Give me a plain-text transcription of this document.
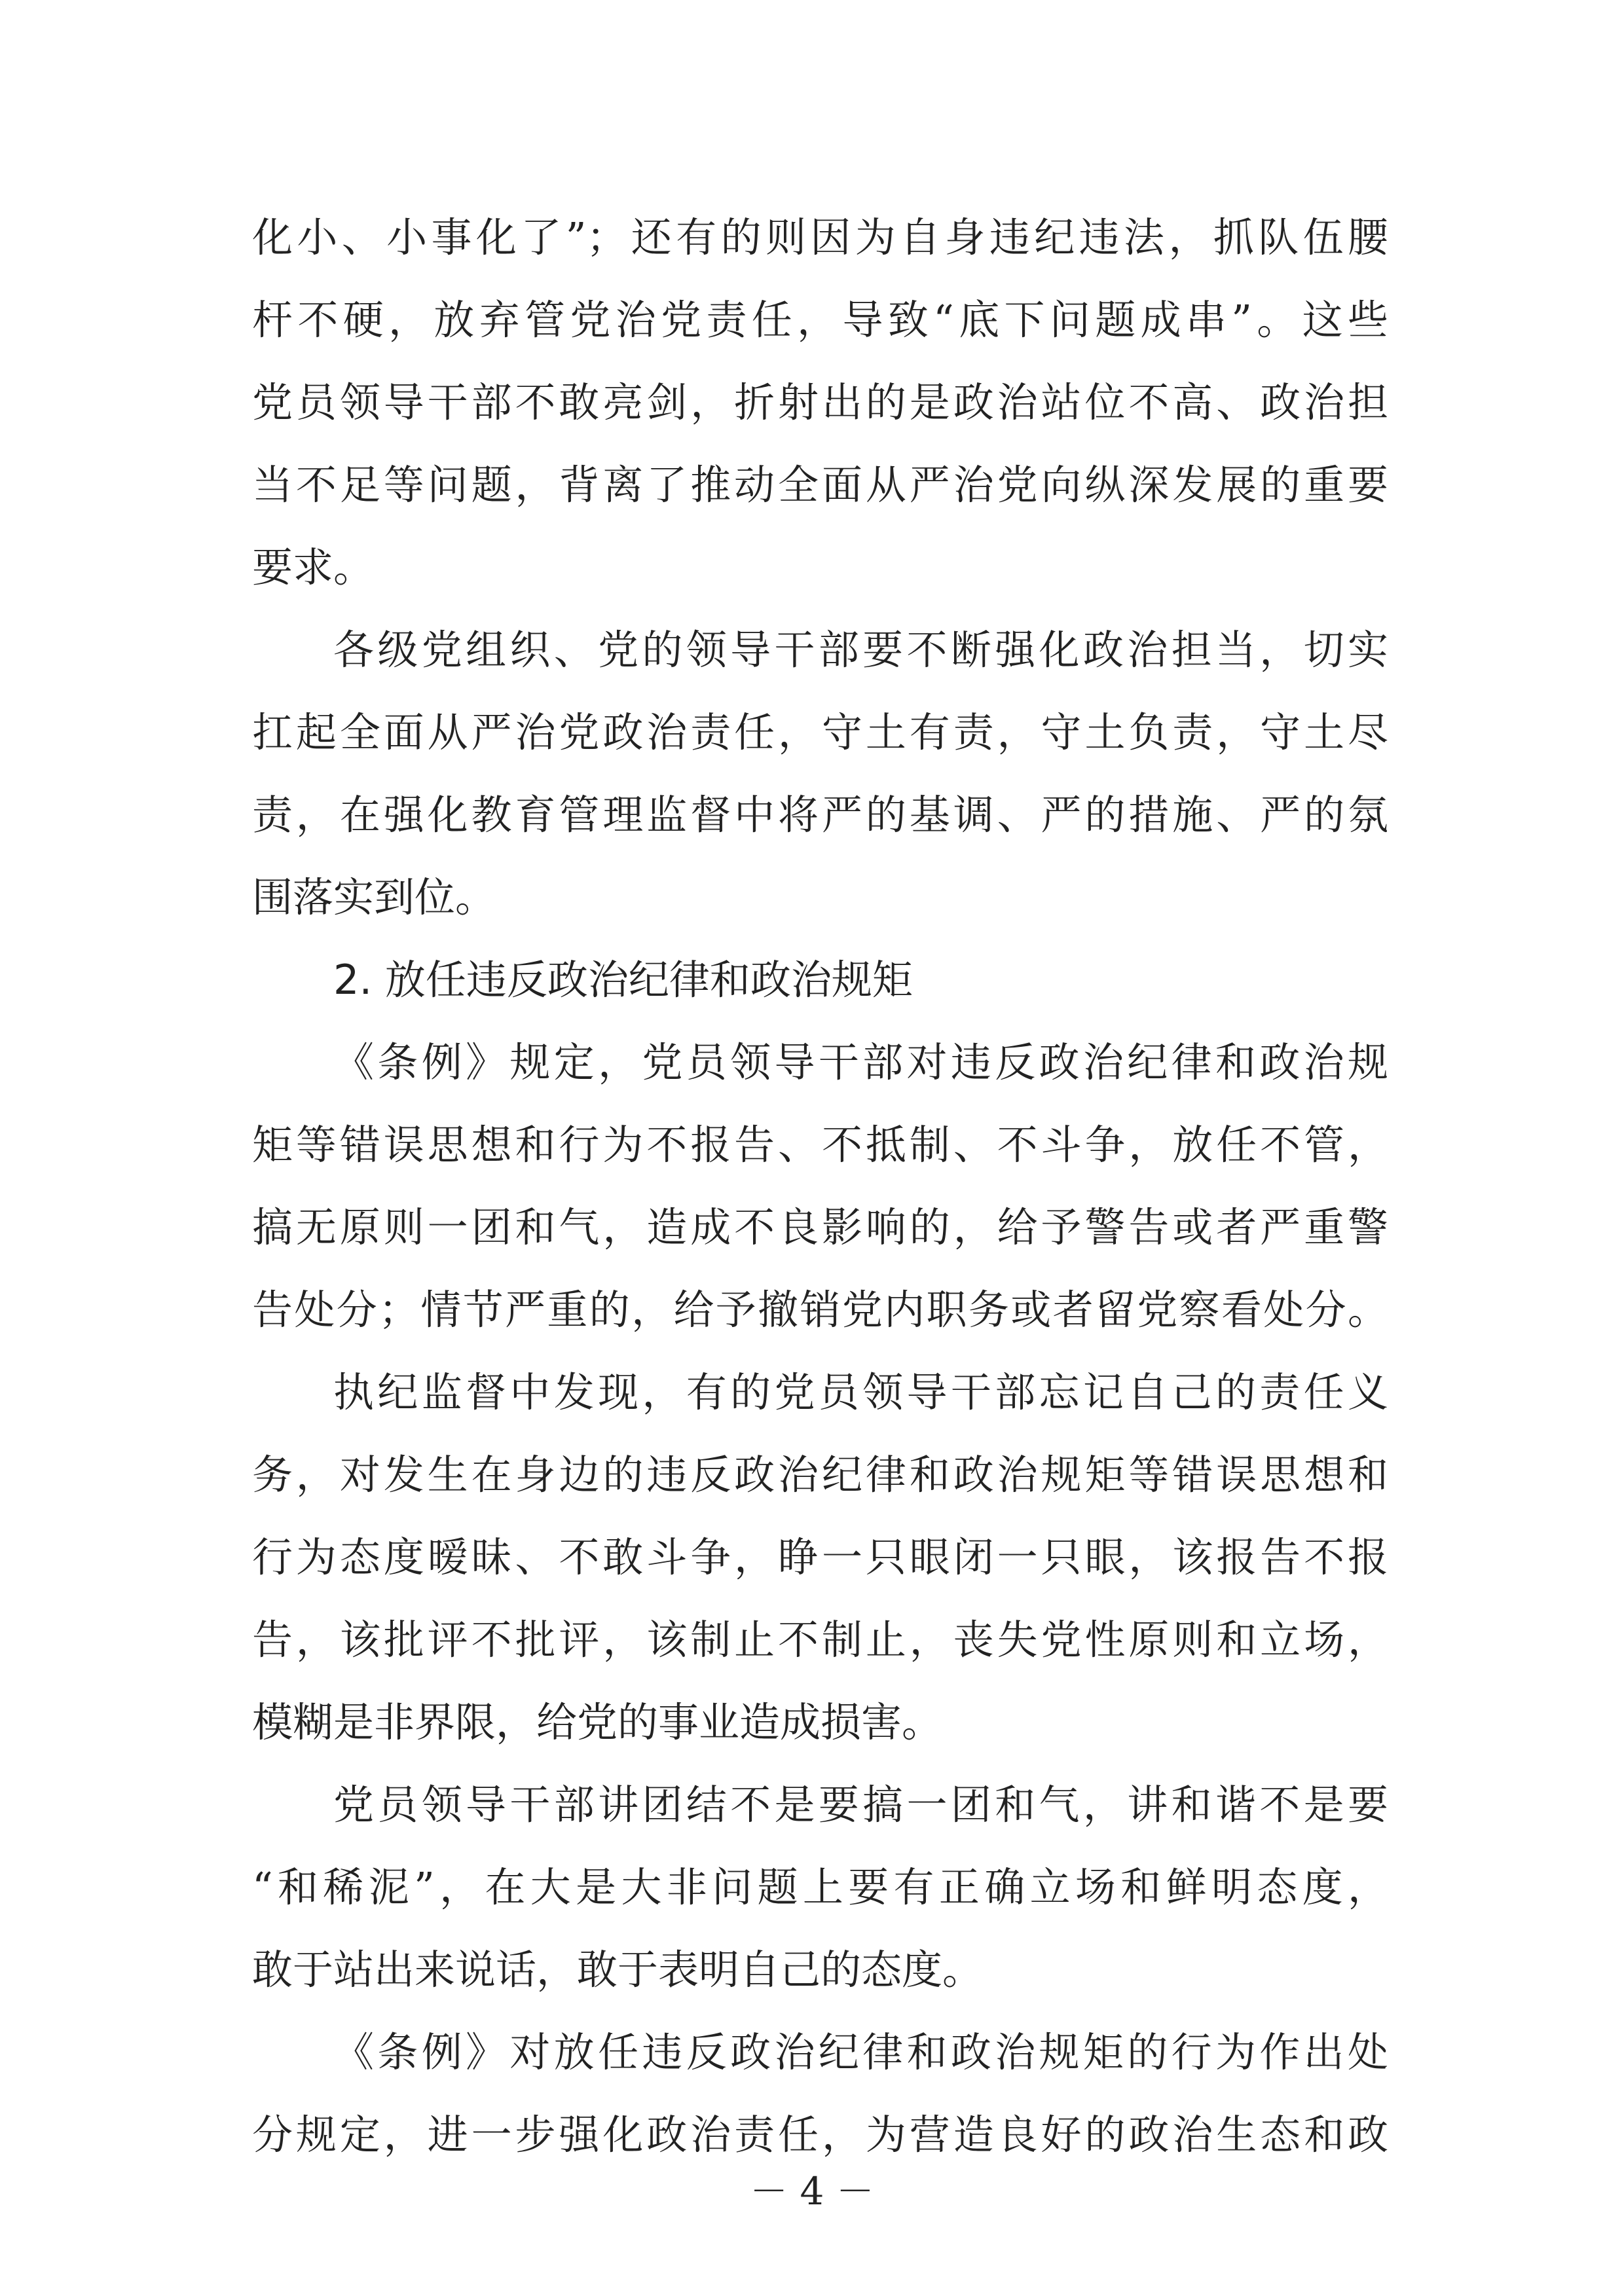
化小、小事化了”；还有的则因为自身违纪违法，抓队伍腰
杆不硬，放弃管党治党责任，导致“底下问题成串”。这些
党员领导干部不敢亮剑，折射出的是政治站位不高、政治担
当不足等问题，背离了推动全面从严治党向纵深发展的重要
要求。
各级党组织、党的领导干部要不断强化政治担当，切实
扛起全面从严治党政治责任，守土有责，守土负责，守土尽
责，在强化教育管理监督中将严的基调、严的措施、严的氛
围落实到位。
2. 放任违反政治纪律和政治规矩
《条例》规定，党员领导干部对违反政治纪律和政治规
矩等错误思想和行为不报告、不抵制、不斗争，放任不管，
搞无原则一团和气，造成不良影响的，给予警告或者严重警
告处分；情节严重的，给予撤销党内职务或者留党察看处分。
执纪监督中发现，有的党员领导干部忘记自己的责任义
务，对发生在身边的违反政治纪律和政治规矩等错误思想和
行为态度暧昧、不敢斗争，睁一只眼闭一只眼，该报告不报
告，该批评不批评，该制止不制止，丧失党性原则和立场，
模糊是非界限，给党的事业造成损害。
党员领导干部讲团结不是要搞一团和气，讲和谐不是要
“和稀泥”，在大是大非问题上要有正确立场和鲜明态度，
敢于站出来说话，敢于表明自己的态度。
《条例》对放任违反政治纪律和政治规矩的行为作出处
分规定，进一步强化政治责任，为营造良好的政治生态和政
－ 4 －
